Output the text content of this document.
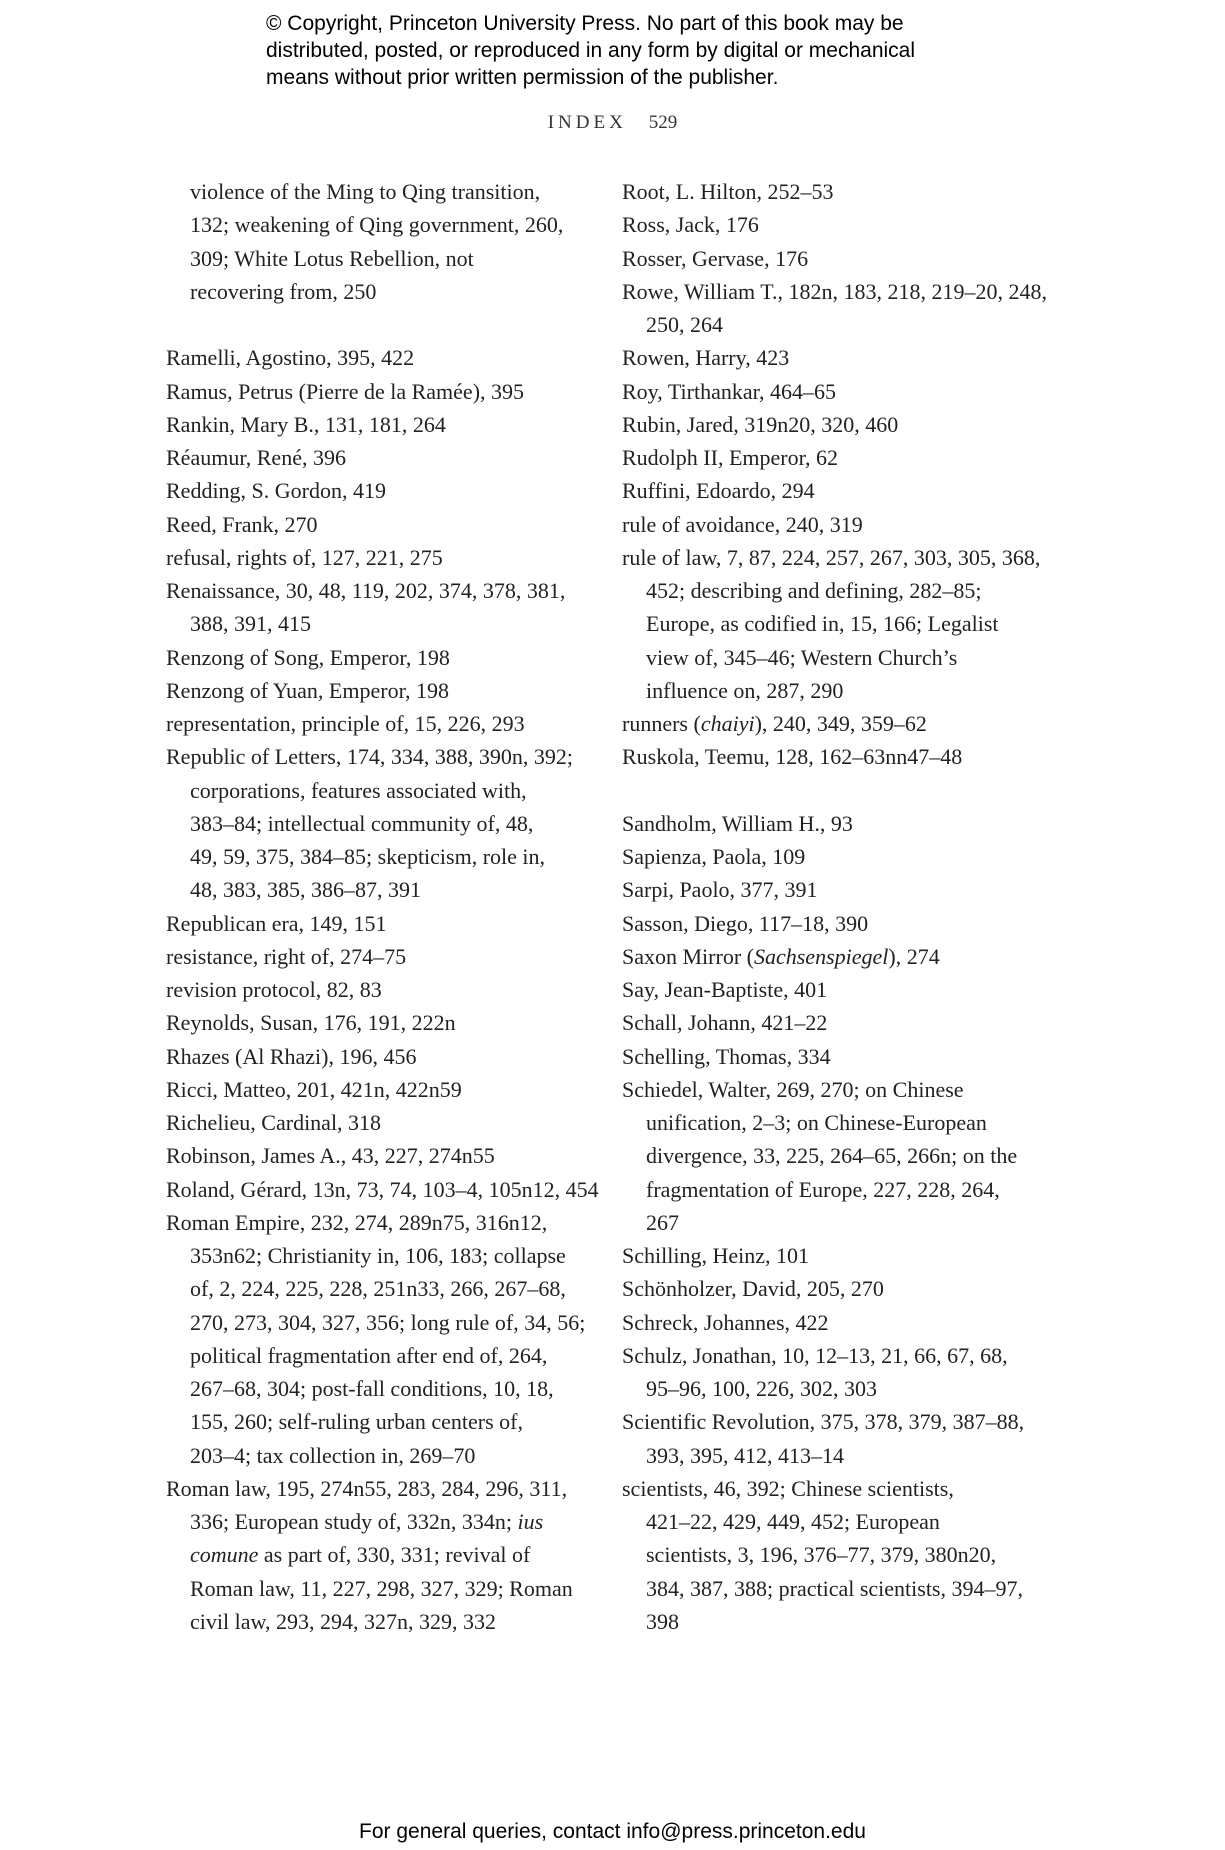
© Copyright, Princeton University Press. No part of this book may be
distributed, posted, or reproduced in any form by digital or mechanical
means without prior written permission of the publisher.
INDEX 529
violence of the Ming to Qing transition,
132; weakening of Qing government, 260,
309; White Lotus Rebellion, not
recovering from, 250
Ramelli, Agostino, 395, 422
Ramus, Petrus (Pierre de la Ramée), 395
Rankin, Mary B., 131, 181, 264
Réaumur, René, 396
Redding, S. Gordon, 419
Reed, Frank, 270
refusal, rights of, 127, 221, 275
Renaissance, 30, 48, 119, 202, 374, 378, 381,
388, 391, 415
Renzong of Song, Emperor, 198
Renzong of Yuan, Emperor, 198
representation, principle of, 15, 226, 293
Republic of Letters, 174, 334, 388, 390n, 392;
corporations, features associated with,
383–84; intellectual community of, 48,
49, 59, 375, 384–85; skepticism, role in,
48, 383, 385, 386–87, 391
Republican era, 149, 151
resistance, right of, 274–75
revision protocol, 82, 83
Reynolds, Susan, 176, 191, 222n
Rhazes (Al Rhazi), 196, 456
Ricci, Matteo, 201, 421n, 422n59
Richelieu, Cardinal, 318
Robinson, James A., 43, 227, 274n55
Roland, Gérard, 13n, 73, 74, 103–4, 105n12, 454
Roman Empire, 232, 274, 289n75, 316n12,
353n62; Christianity in, 106, 183; collapse
of, 2, 224, 225, 228, 251n33, 266, 267–68,
270, 273, 304, 327, 356; long rule of, 34, 56;
political fragmentation after end of, 264,
267–68, 304; post-fall conditions, 10, 18,
155, 260; self-ruling urban centers of,
203–4; tax collection in, 269–70
Roman law, 195, 274n55, 283, 284, 296, 311,
336; European study of, 332n, 334n; ius
comune as part of, 330, 331; revival of
Roman law, 11, 227, 298, 327, 329; Roman
civil law, 293, 294, 327n, 329, 332
Root, L. Hilton, 252–53
Ross, Jack, 176
Rosser, Gervase, 176
Rowe, William T., 182n, 183, 218, 219–20, 248,
250, 264
Rowen, Harry, 423
Roy, Tirthankar, 464–65
Rubin, Jared, 319n20, 320, 460
Rudolph II, Emperor, 62
Ruffini, Edoardo, 294
rule of avoidance, 240, 319
rule of law, 7, 87, 224, 257, 267, 303, 305, 368,
452; describing and defining, 282–85;
Europe, as codified in, 15, 166; Legalist
view of, 345–46; Western Church’s
influence on, 287, 290
runners (chaiyi), 240, 349, 359–62
Ruskola, Teemu, 128, 162–63nn47–48
Sandholm, William H., 93
Sapienza, Paola, 109
Sarpi, Paolo, 377, 391
Sasson, Diego, 117–18, 390
Saxon Mirror (Sachsenspiegel), 274
Say, Jean-Baptiste, 401
Schall, Johann, 421–22
Schelling, Thomas, 334
Schiedel, Walter, 269, 270; on Chinese
unification, 2–3; on Chinese-European
divergence, 33, 225, 264–65, 266n; on the
fragmentation of Europe, 227, 228, 264,
267
Schilling, Heinz, 101
Schönholzer, David, 205, 270
Schreck, Johannes, 422
Schulz, Jonathan, 10, 12–13, 21, 66, 67, 68,
95–96, 100, 226, 302, 303
Scientific Revolution, 375, 378, 379, 387–88,
393, 395, 412, 413–14
scientists, 46, 392; Chinese scientists,
421–22, 429, 449, 452; European
scientists, 3, 196, 376–77, 379, 380n20,
384, 387, 388; practical scientists, 394–97,
398
For general queries, contact info@press.princeton.edu
